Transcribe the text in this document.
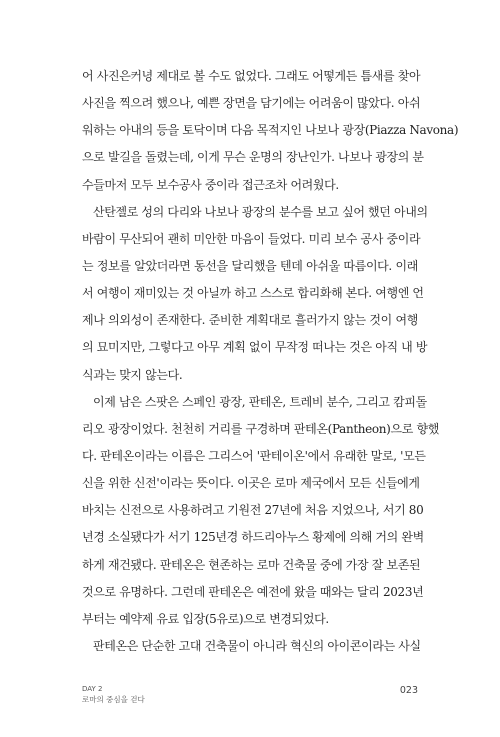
어 사진은커녕 제대로 볼 수도 없었다. 그래도 어떻게든 틈새를 찾아
사진을 찍으려 했으나, 예쁜 장면을 담기에는 어려움이 많았다. 아쉬
워하는 아내의 등을 토닥이며 다음 목적지인 나보나 광장(Piazza Navona)
으로 발길을 돌렸는데, 이게 무슨 운명의 장난인가. 나보나 광장의 분
수들마저 모두 보수공사 중이라 접근조차 어려웠다.
산탄젤로 성의 다리와 나보나 광장의 분수를 보고 싶어 했던 아내의
바람이 무산되어 괜히 미안한 마음이 들었다. 미리 보수 공사 중이라
는 정보를 알았더라면 동선을 달리했을 텐데 아쉬울 따름이다. 이래
서 여행이 재미있는 것 아닐까 하고 스스로 합리화해 본다. 여행엔 언
제나 의외성이 존재한다. 준비한 계획대로 흘러가지 않는 것이 여행
의 묘미지만, 그렇다고 아무 계획 없이 무작정 떠나는 것은 아직 내 방
식과는 맞지 않는다.
이제 남은 스팟은 스페인 광장, 판테온, 트레비 분수, 그리고 캄피돌
리오 광장이었다. 천천히 거리를 구경하며 판테온(Pantheon)으로 향했
다. 판테온이라는 이름은 그리스어 '판테이온'에서 유래한 말로, '모든
신을 위한 신전'이라는 뜻이다. 이곳은 로마 제국에서 모든 신들에게
바치는 신전으로 사용하려고 기원전 27년에 처음 지었으나, 서기 80
년경 소실됐다가 서기 125년경 하드리아누스 황제에 의해 거의 완벽
하게 재건됐다. 판테온은 현존하는 로마 건축물 중에 가장 잘 보존된
것으로 유명하다. 그런데 판테온은 예전에 왔을 때와는 달리 2023년
부터는 예약제 유료 입장(5유로)으로 변경되었다.
판테온은 단순한 고대 건축물이 아니라 혁신의 아이콘이라는 사실
DAY 2
로마의 중심을 걷다
023
